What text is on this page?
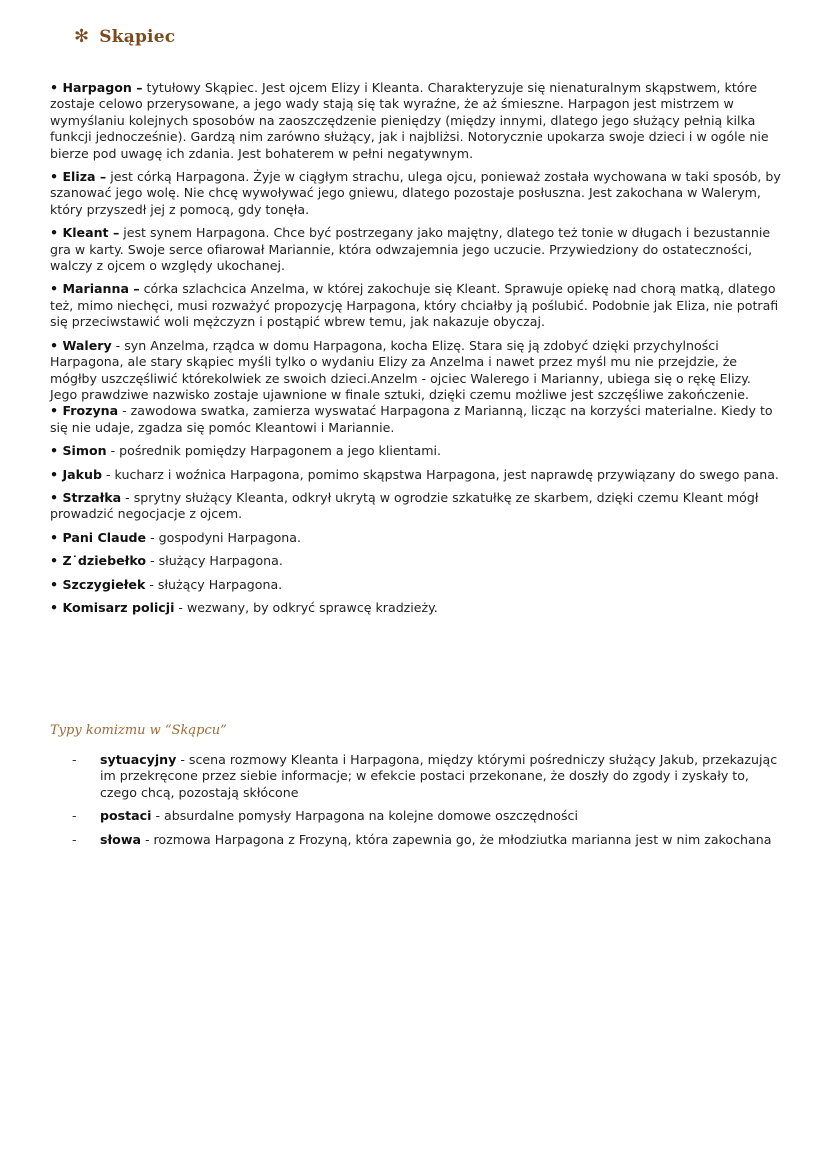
✻ Skąpiec

• Harpagon – tytułowy Skąpiec. Jest ojcem Elizy i Kleanta. Charakteryzuje się nienaturalnym skąpstwem, które zostaje celowo przerysowane, a jego wady stają się tak wyraźne, że aż śmieszne. Harpagon jest mistrzem w wymyślaniu kolejnych sposobów na zaoszczędzenie pieniędzy (między innymi, dlatego jego służący pełnią kilka funkcji jednocześnie). Gardzą nim zarówno służący, jak i najbliżsi. Notorycznie upokarza swoje dzieci i w ogóle nie bierze pod uwagę ich zdania. Jest bohaterem w pełni negatywnym.

• Eliza – jest córką Harpagona. Żyje w ciągłym strachu, ulega ojcu, ponieważ została wychowana w taki sposób, by szanować jego wolę. Nie chcę wywoływać jego gniewu, dlatego pozostaje posłuszna. Jest zakochana w Walerym, który przyszedł jej z pomocą, gdy tonęła.

• Kleant – jest synem Harpagona. Chce być postrzegany jako majętny, dlatego też tonie w długach i bezustannie gra w karty. Swoje serce ofiarował Mariannie, która odwzajemnia jego uczucie. Przywiedziony do ostateczności, walczy z ojcem o względy ukochanej.

• Marianna – córka szlachcica Anzelma, w której zakochuje się Kleant. Sprawuje opiekę nad chorą matką, dlatego też, mimo niechęci, musi rozważyć propozycję Harpagona, który chciałby ją poślubić. Podobnie jak Eliza, nie potrafi się przeciwstawić woli mężczyzn i postąpić wbrew temu, jak nakazuje obyczaj.

• Walery - syn Anzelma, rządca w domu Harpagona, kocha Elizę. Stara się ją zdobyć dzięki przychylności Harpagona, ale stary skąpiec myśli tylko o wydaniu Elizy za Anzelma i nawet przez myśl mu nie przejdzie, że mógłby uszczęśliwić którekolwiek ze swoich dzieci.Anzelm - ojciec Walerego i Marianny, ubiega się o rękę Elizy. Jego prawdziwe nazwisko zostaje ujawnione w finale sztuki, dzięki czemu możliwe jest szczęśliwe zakończenie.

• Frozyna - zawodowa swatka, zamierza wyswatać Harpagona z Marianną, licząc na korzyści materialne. Kiedy to się nie udaje, zgadza się pomóc Kleantowi i Mariannie.

• Simon - pośrednik pomiędzy Harpagonem a jego klientami.

• Jakub - kucharz i woźnica Harpagona, pomimo skąpstwa Harpagona, jest naprawdę przywiązany do swego pana.

• Strzałka - sprytny służący Kleanta, odkrył ukrytą w ogrodzie szkatułkę ze skarbem, dzięki czemu Kleant mógł prowadzić negocjacje z ojcem.

• Pani Claude - gospodyni Harpagona.

• Z˙dziebełko - służący Harpagona.

• Szczygiełek - służący Harpagona.

• Komisarz policji - wezwany, by odkryć sprawcę kradzieży.

Typy komizmu w “Skąpcu”
-	sytuacyjny - scena rozmowy Kleanta i Harpagona, między którymi pośredniczy służący Jakub, przekazując im przekręcone przez siebie informacje; w efekcie postaci przekonane, że doszły do zgody i zyskały to, czego chcą, pozostają skłócone
-	postaci - absurdalne pomysły Harpagona na kolejne domowe oszczędności
-	słowa - rozmowa Harpagona z Frozyną, która zapewnia go, że młodziutka marianna jest w nim zakochana
